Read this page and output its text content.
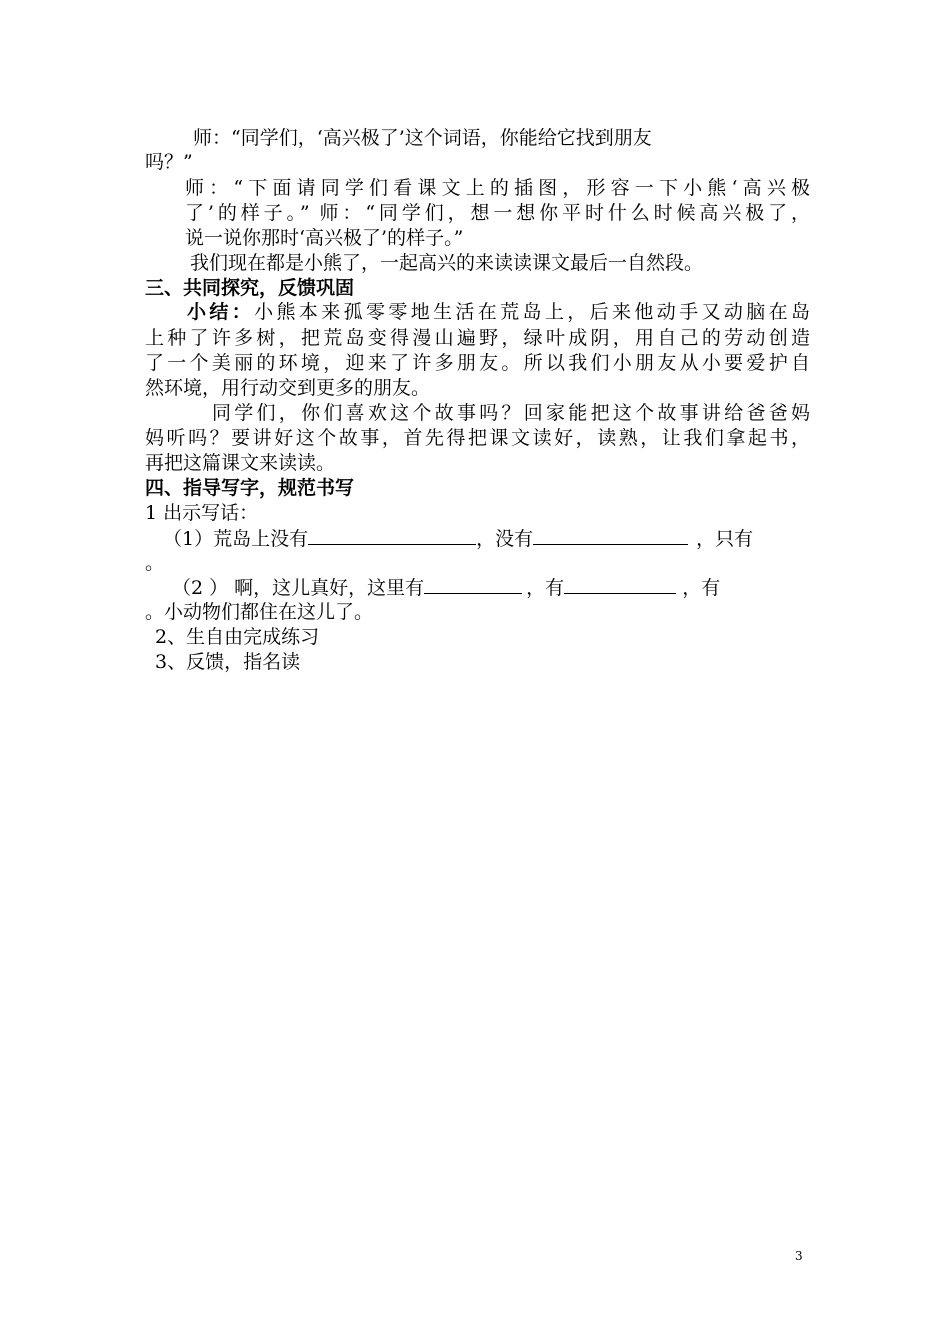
师：“同学们，‘高兴极了’这个词语，你能给它找到朋友
吗？”
师：“下面请同学们看课文上的插图，形容一下小熊‘高兴极
了’的样子。” 师：“同学们，想一想你平时什么时候高兴极了，
说一说你那时‘高兴极了’的样子。”
我们现在都是小熊了，一起高兴的来读读课文最后一自然段。
三、共同探究，反馈巩固
小结：小熊本来孤零零地生活在荒岛上，后来他动手又动脑在岛
上种了许多树，把荒岛变得漫山遍野，绿叶成阴，用自己的劳动创造
了一个美丽的环境，迎来了许多朋友。所以我们小朋友从小要爱护自
然环境，用行动交到更多的朋友。
同学们，你们喜欢这个故事吗？回家能把这个故事讲给爸爸妈
妈听吗？要讲好这个故事，首先得把课文读好，读熟，让我们拿起书，
再把这篇课文来读读。
四、指导写字，规范书写
1 出示写话：
（1）荒岛上没有	，没有	，只有
。
（2 ） 啊，这儿真好，这里有	，有	，有
。小动物们都住在这儿了。
2、生自由完成练习
3、反馈，指名读
3
